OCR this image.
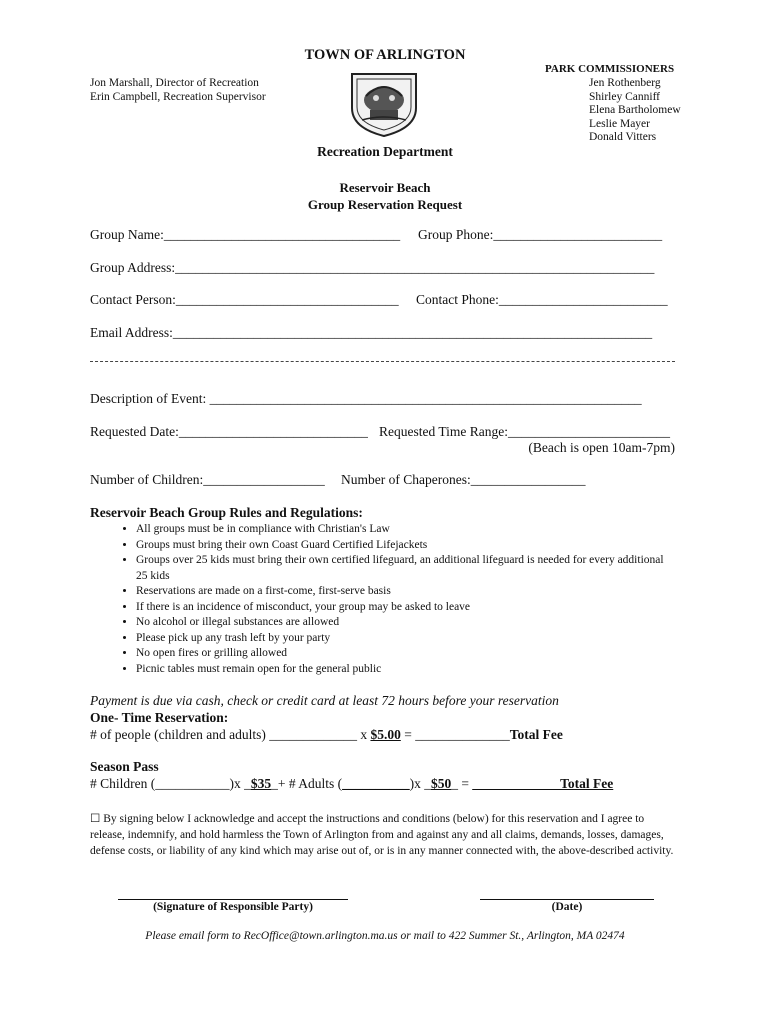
TOWN OF ARLINGTON
Jon Marshall, Director of Recreation
Erin Campbell, Recreation Supervisor
PARK COMMISSIONERS
Jen Rothenberg
Shirley Canniff
Elena Bartholomew
Leslie Mayer
Donald Vitters
Recreation Department
Reservoir Beach
Group Reservation Request
Group Name:___________________________________ Group Phone:_________________________
Group Address:_______________________________________________________________________
Contact Person:_________________________________ Contact Phone:_________________________
Email Address:_______________________________________________________________________
Description of Event: ________________________________________________________________
Requested Date:____________________________ Requested Time Range:________________________
(Beach is open 10am-7pm)
Number of Children:__________________ Number of Chaperones:_________________
Reservoir Beach Group Rules and Regulations:
• All groups must be in compliance with Christian's Law
• Groups must bring their own Coast Guard Certified Lifejackets
• Groups over 25 kids must bring their own certified lifeguard, an additional lifeguard is needed for every additional 25 kids
• Reservations are made on a first-come, first-serve basis
• If there is an incidence of misconduct, your group may be asked to leave
• No alcohol or illegal substances are allowed
• Please pick up any trash left by your party
• No open fires or grilling allowed
• Picnic tables must remain open for the general public
Payment is due via cash, check or credit card at least 72 hours before your reservation
One- Time Reservation:
# of people (children and adults) _____________ x $5.00 = ______________Total Fee
Season Pass
# Children (___________)x _$35_+ # Adults (__________)x _$50_ = _____________Total Fee
☐ By signing below I acknowledge and accept the instructions and conditions (below) for this reservation and I agree to release, indemnify, and hold harmless the Town of Arlington from and against any and all claims, demands, losses, damages, defense costs, or liability of any kind which may arise out of, or is in any manner connected with, the above-described activity.
(Signature of Responsible Party)	(Date)
Please email form to RecOffice@town.arlington.ma.us or mail to 422 Summer St., Arlington, MA 02474
